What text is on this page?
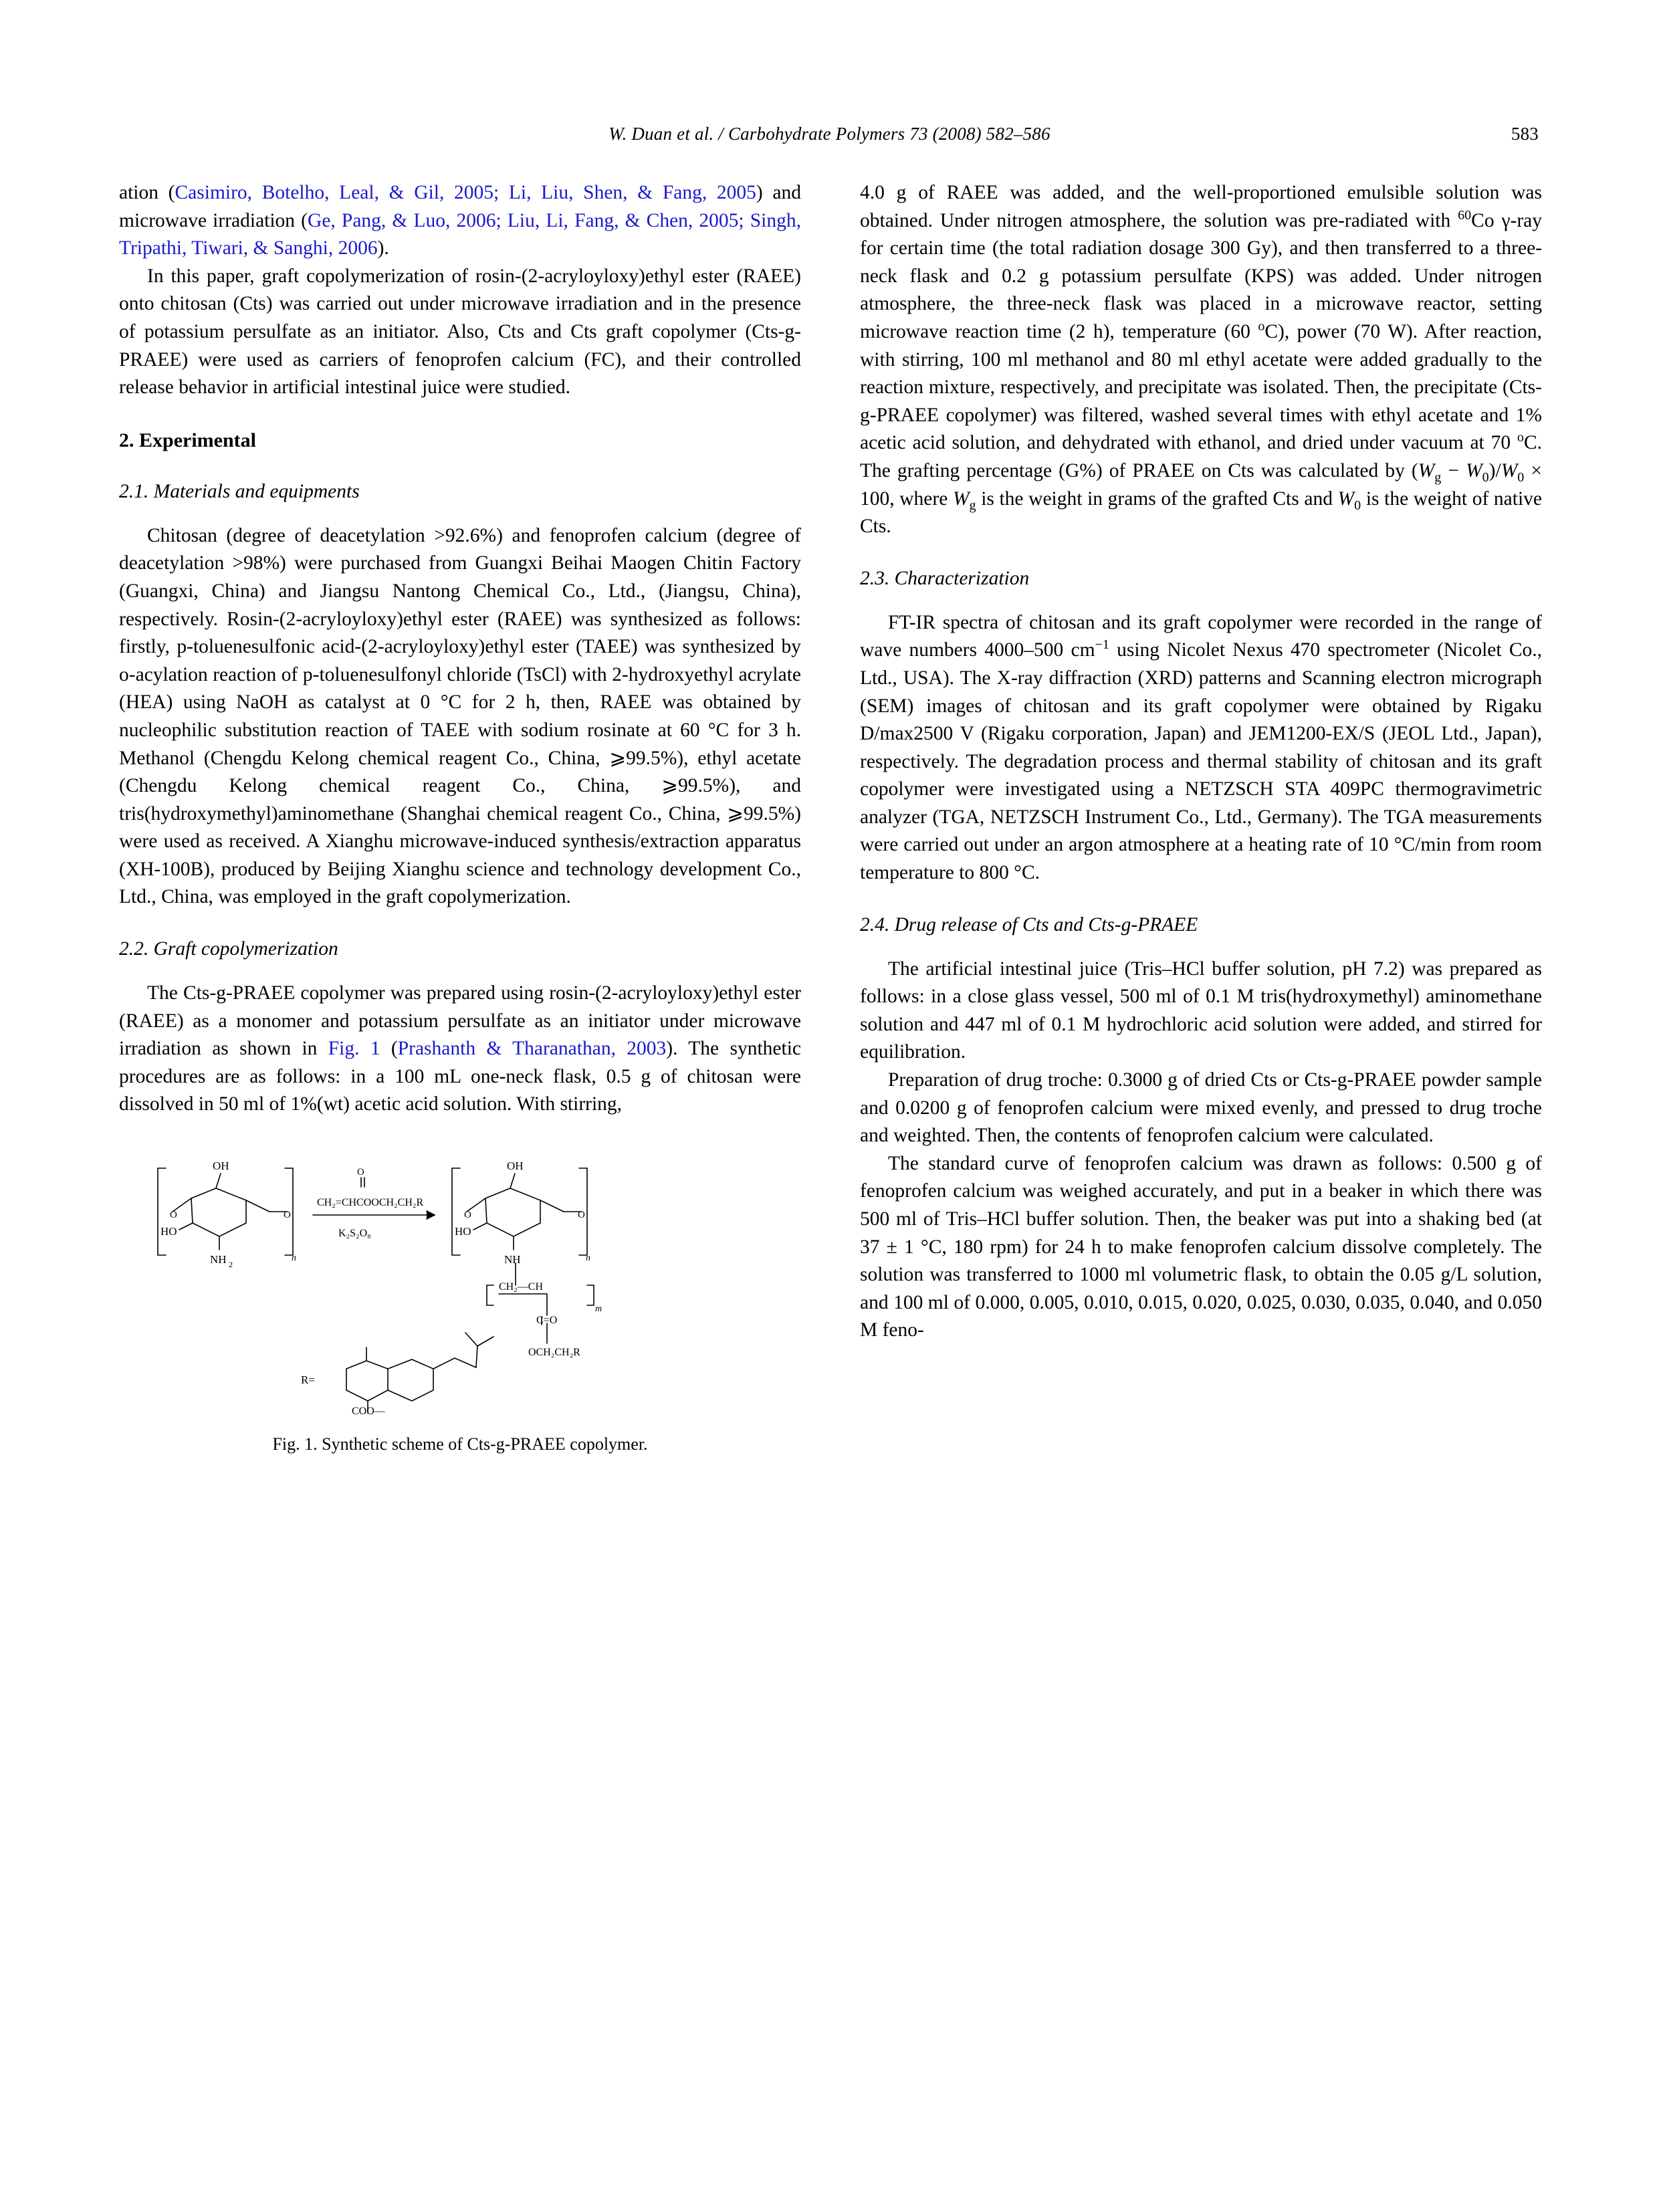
W. Duan et al. / Carbohydrate Polymers 73 (2008) 582–586	583

ation (Casimiro, Botelho, Leal, & Gil, 2005; Li, Liu, Shen, & Fang, 2005) and microwave irradiation (Ge, Pang, & Luo, 2006; Liu, Li, Fang, & Chen, 2005; Singh, Tripathi, Tiwari, & Sanghi, 2006).

In this paper, graft copolymerization of rosin-(2-acryloyloxy)ethyl ester (RAEE) onto chitosan (Cts) was carried out under microwave irradiation and in the presence of potassium persulfate as an initiator. Also, Cts and Cts graft copolymer (Cts-g-PRAEE) were used as carriers of fenoprofen calcium (FC), and their controlled release behavior in artificial intestinal juice were studied.

2. Experimental
2.1. Materials and equipments

Chitosan (degree of deacetylation >92.6%) and fenoprofen calcium (degree of deacetylation >98%) were purchased from Guangxi Beihai Maogen Chitin Factory (Guangxi, China) and Jiangsu Nantong Chemical Co., Ltd., (Jiangsu, China), respectively. Rosin-(2-acryloyloxy)ethyl ester (RAEE) was synthesized as follows: firstly, p-toluenesulfonic acid-(2-acryloyloxy)ethyl ester (TAEE) was synthesized by o-acylation reaction of p-toluenesulfonyl chloride (TsCl) with 2-hydroxyethyl acrylate (HEA) using NaOH as catalyst at 0 °C for 2 h, then, RAEE was obtained by nucleophilic substitution reaction of TAEE with sodium rosinate at 60 °C for 3 h. Methanol (Chengdu Kelong chemical reagent Co., China, ⩾99.5%), ethyl acetate (Chengdu Kelong chemical reagent Co., China, ⩾99.5%), and tris(hydroxymethyl)aminomethane (Shanghai chemical reagent Co., China, ⩾99.5%) were used as received. A Xianghu microwave-induced synthesis/extraction apparatus (XH-100B), produced by Beijing Xianghu science and technology development Co., Ltd., China, was employed in the graft copolymerization.

2.2. Graft copolymerization

The Cts-g-PRAEE copolymer was prepared using rosin-(2-acryloyloxy)ethyl ester (RAEE) as a monomer and potassium persulfate as an initiator under microwave irradiation as shown in Fig. 1 (Prashanth & Tharanathan, 2003). The synthetic procedures are as follows: in a 100 mL one-neck flask, 0.5 g of chitosan were dissolved in 50 ml of 1%(wt) acetic acid solution. With stirring,

OH
HO
NH 2
n
O	O
O
CH₂=CHCOOCH₂CH₂R
K₂S₂O₈
OH
HO
NH	n
O	O
CH₂—CH
m
C=O
OCH₂CH₂R
R=
COO—
Fig. 1. Synthetic scheme of Cts-g-PRAEE copolymer.

4.0 g of RAEE was added, and the well-proportioned emulsible solution was obtained. Under nitrogen atmosphere, the solution was pre-radiated with $^{60}$Co γ-ray for certain time (the total radiation dosage 300 Gy), and then transferred to a three-neck flask and 0.2 g potassium persulfate (KPS) was added. Under nitrogen atmosphere, the three-neck flask was placed in a microwave reactor, setting microwave reaction time (2 h), temperature (60 $^o$C), power (70 W). After reaction, with stirring, 100 ml methanol and 80 ml ethyl acetate were added gradually to the reaction mixture, respectively, and precipitate was isolated. Then, the precipitate (Cts-g-PRAEE copolymer) was filtered, washed several times with ethyl acetate and 1% acetic acid solution, and dehydrated with ethanol, and dried under vacuum at 70 $^o$C. The grafting percentage (G%) of PRAEE on Cts was calculated by $(W_g - W_0)/W_0 \times 100$, where $W_g$ is the weight in grams of the grafted Cts and $W_0$ is the weight of native Cts.

2.3. Characterization

FT-IR spectra of chitosan and its graft copolymer were recorded in the range of wave numbers 4000–500 $cm^{-1}$ using Nicolet Nexus 470 spectrometer (Nicolet Co., Ltd., USA). The X-ray diffraction (XRD) patterns and Scanning electron micrograph (SEM) images of chitosan and its graft copolymer were obtained by Rigaku D/max2500 V (Rigaku corporation, Japan) and JEM1200-EX/S (JEOL Ltd., Japan), respectively. The degradation process and thermal stability of chitosan and its graft copolymer were investigated using a NETZSCH STA 409PC thermogravimetric analyzer (TGA, NETZSCH Instrument Co., Ltd., Germany). The TGA measurements were carried out under an argon atmosphere at a heating rate of 10 °C/min from room temperature to 800 °C.

2.4. Drug release of Cts and Cts-g-PRAEE

The artificial intestinal juice (Tris–HCl buffer solution, pH 7.2) was prepared as follows: in a close glass vessel, 500 ml of 0.1 M tris(hydroxymethyl) aminomethane solution and 447 ml of 0.1 M hydrochloric acid solution were added, and stirred for equilibration.

Preparation of drug troche: 0.3000 g of dried Cts or Cts-g-PRAEE powder sample and 0.0200 g of fenoprofen calcium were mixed evenly, and pressed to drug troche and weighted. Then, the contents of fenoprofen calcium were calculated.

The standard curve of fenoprofen calcium was drawn as follows: 0.500 g of fenoprofen calcium was weighed accurately, and put in a beaker in which there was 500 ml of Tris–HCl buffer solution. Then, the beaker was put into a shaking bed (at 37 ± 1 °C, 180 rpm) for 24 h to make fenoprofen calcium dissolve completely. The solution was transferred to 1000 ml volumetric flask, to obtain the 0.05 g/L solution, and 100 ml of 0.000, 0.005, 0.010, 0.015, 0.020, 0.025, 0.030, 0.035, 0.040, and 0.050 M feno-
